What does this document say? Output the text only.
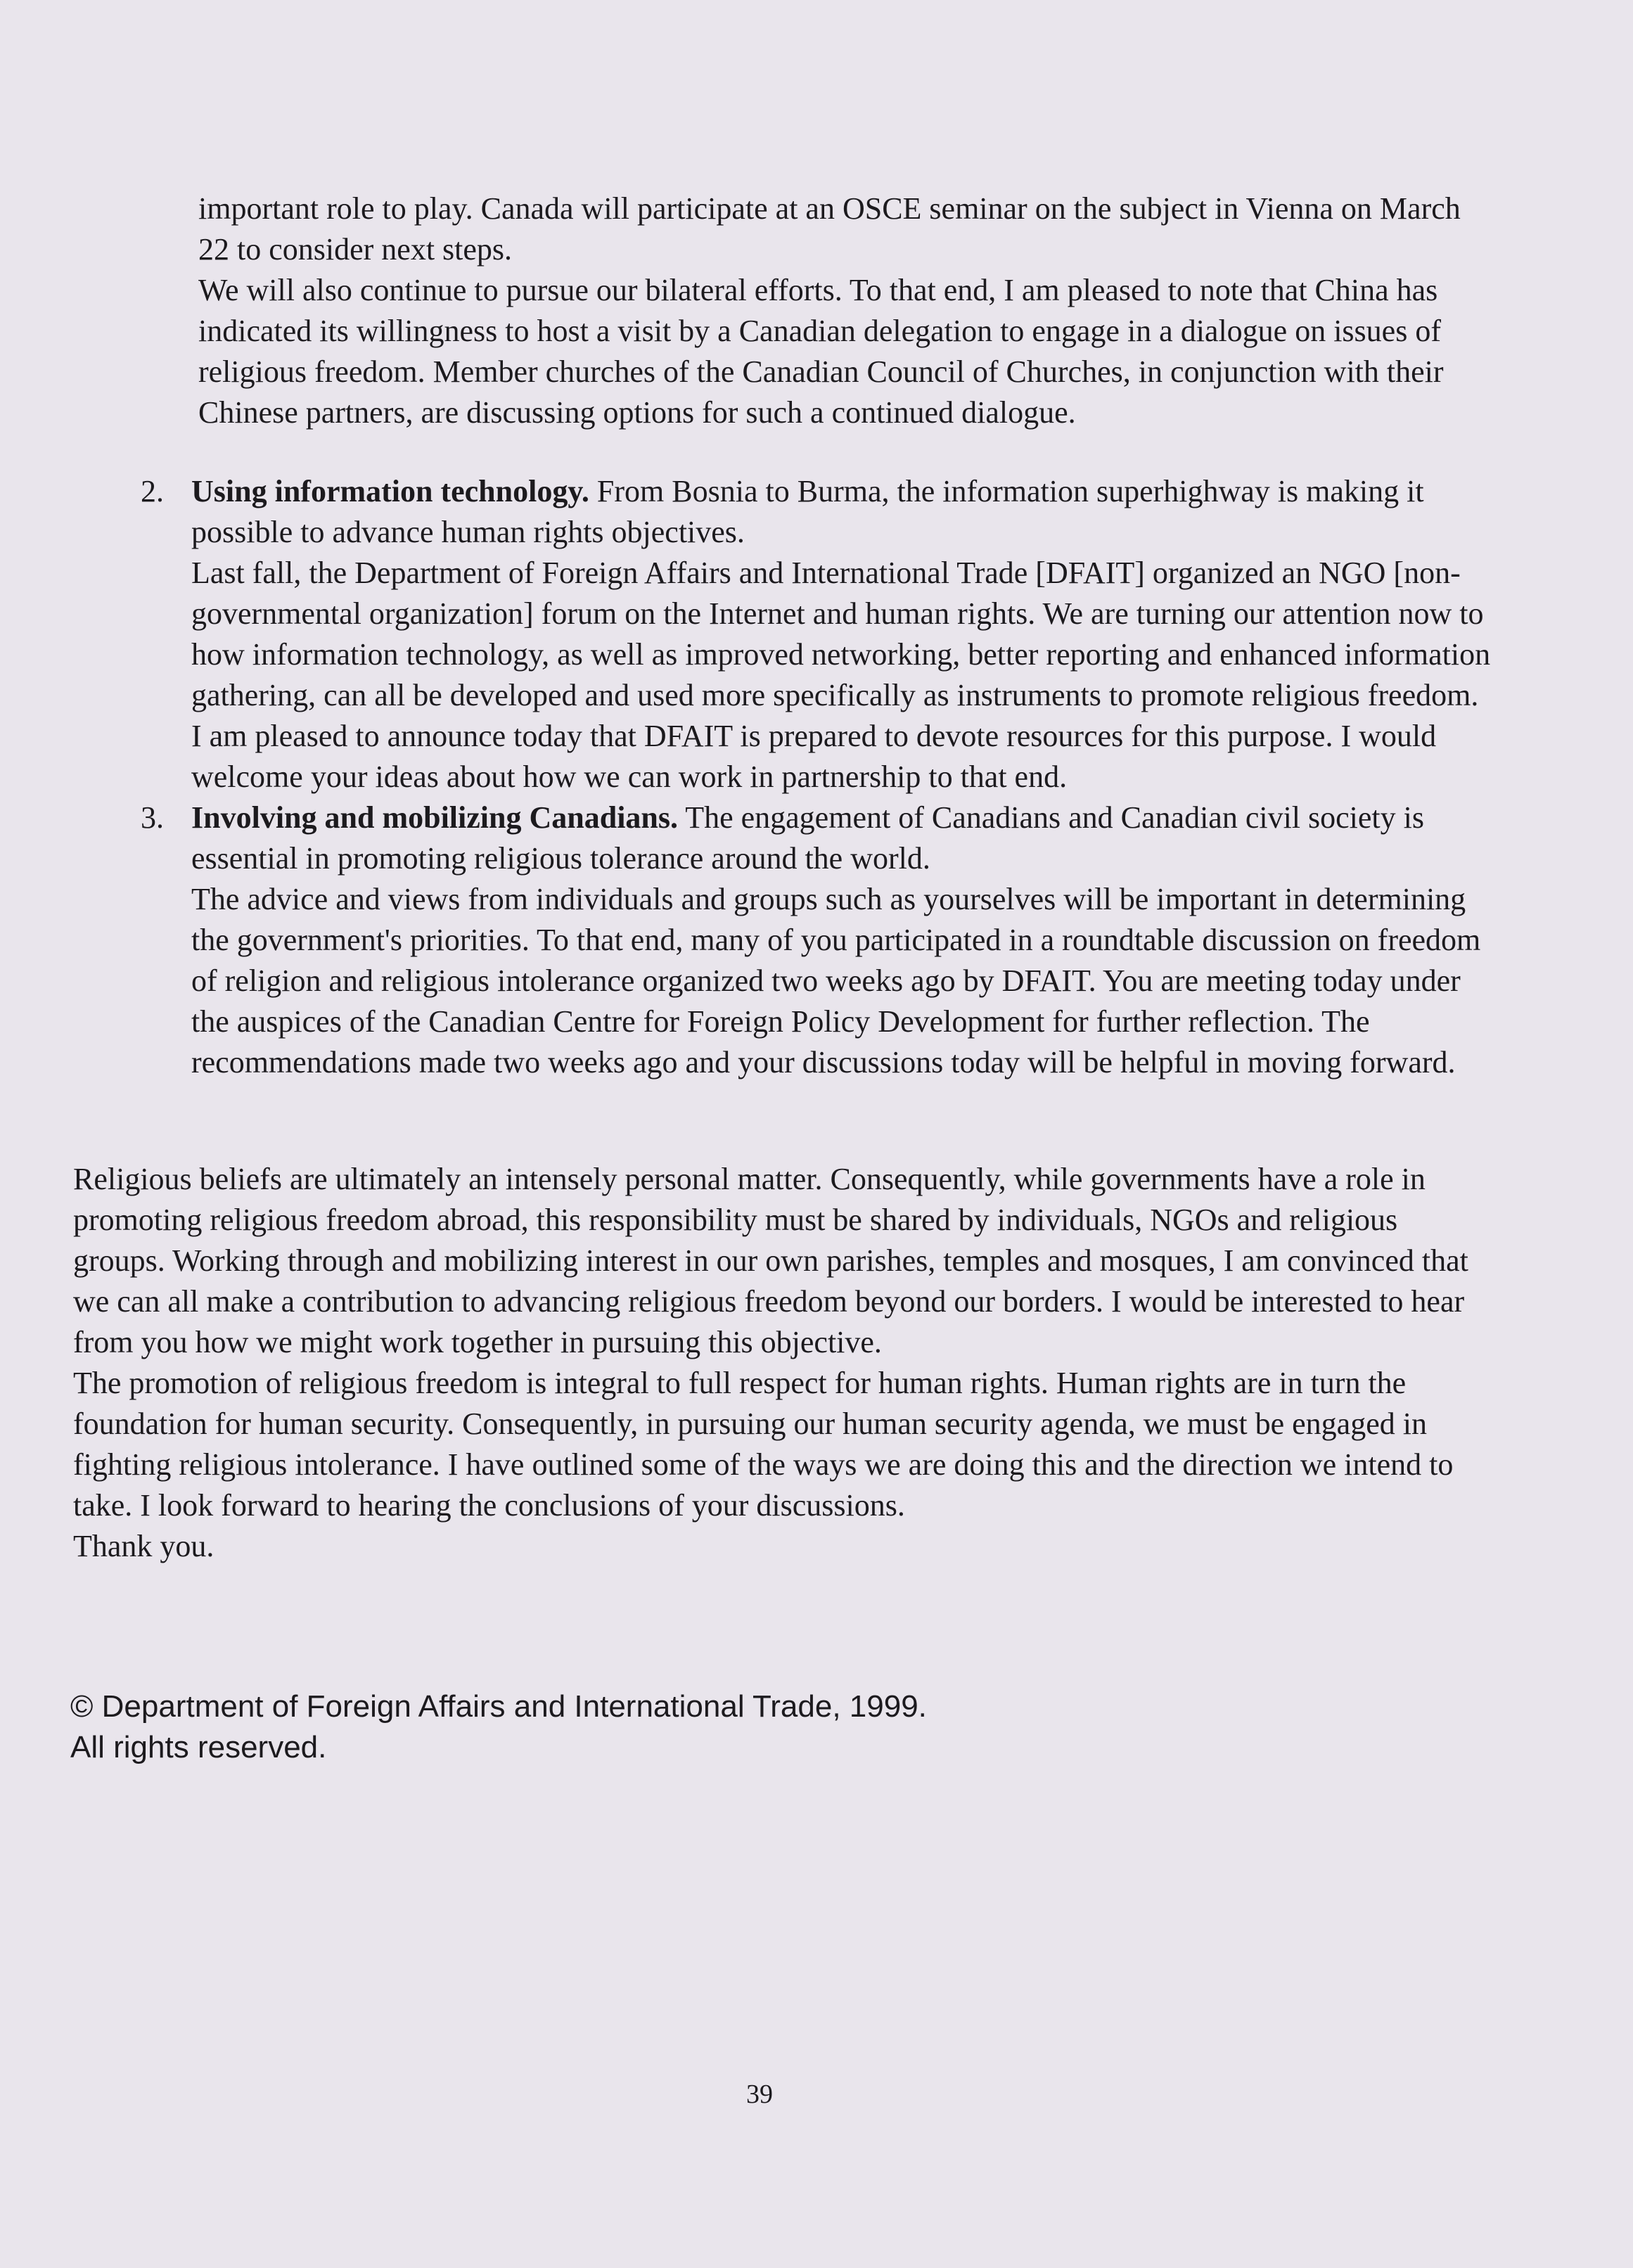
important role to play. Canada will participate at an OSCE seminar on the subject in Vienna on March 22 to consider next steps.

We will also continue to pursue our bilateral efforts. To that end, I am pleased to note that China has indicated its willingness to host a visit by a Canadian delegation to engage in a dialogue on issues of religious freedom. Member churches of the Canadian Council of Churches, in conjunction with their Chinese partners, are discussing options for such a continued dialogue.

2. Using information technology. From Bosnia to Burma, the information superhighway is making it possible to advance human rights objectives.

Last fall, the Department of Foreign Affairs and International Trade [DFAIT] organized an NGO [non-governmental organization] forum on the Internet and human rights. We are turning our attention now to how information technology, as well as improved networking, better reporting and enhanced information gathering, can all be developed and used more specifically as instruments to promote religious freedom. I am pleased to announce today that DFAIT is prepared to devote resources for this purpose. I would welcome your ideas about how we can work in partnership to that end.

3. Involving and mobilizing Canadians. The engagement of Canadians and Canadian civil society is essential in promoting religious tolerance around the world.

The advice and views from individuals and groups such as yourselves will be important in determining the government's priorities. To that end, many of you participated in a roundtable discussion on freedom of religion and religious intolerance organized two weeks ago by DFAIT. You are meeting today under the auspices of the Canadian Centre for Foreign Policy Development for further reflection. The recommendations made two weeks ago and your discussions today will be helpful in moving forward.

Religious beliefs are ultimately an intensely personal matter. Consequently, while governments have a role in promoting religious freedom abroad, this responsibility must be shared by individuals, NGOs and religious groups. Working through and mobilizing interest in our own parishes, temples and mosques, I am convinced that we can all make a contribution to advancing religious freedom beyond our borders. I would be interested to hear from you how we might work together in pursuing this objective.

The promotion of religious freedom is integral to full respect for human rights. Human rights are in turn the foundation for human security. Consequently, in pursuing our human security agenda, we must be engaged in fighting religious intolerance. I have outlined some of the ways we are doing this and the direction we intend to take. I look forward to hearing the conclusions of your discussions.

Thank you.

© Department of Foreign Affairs and International Trade, 1999.
All rights reserved.

39
